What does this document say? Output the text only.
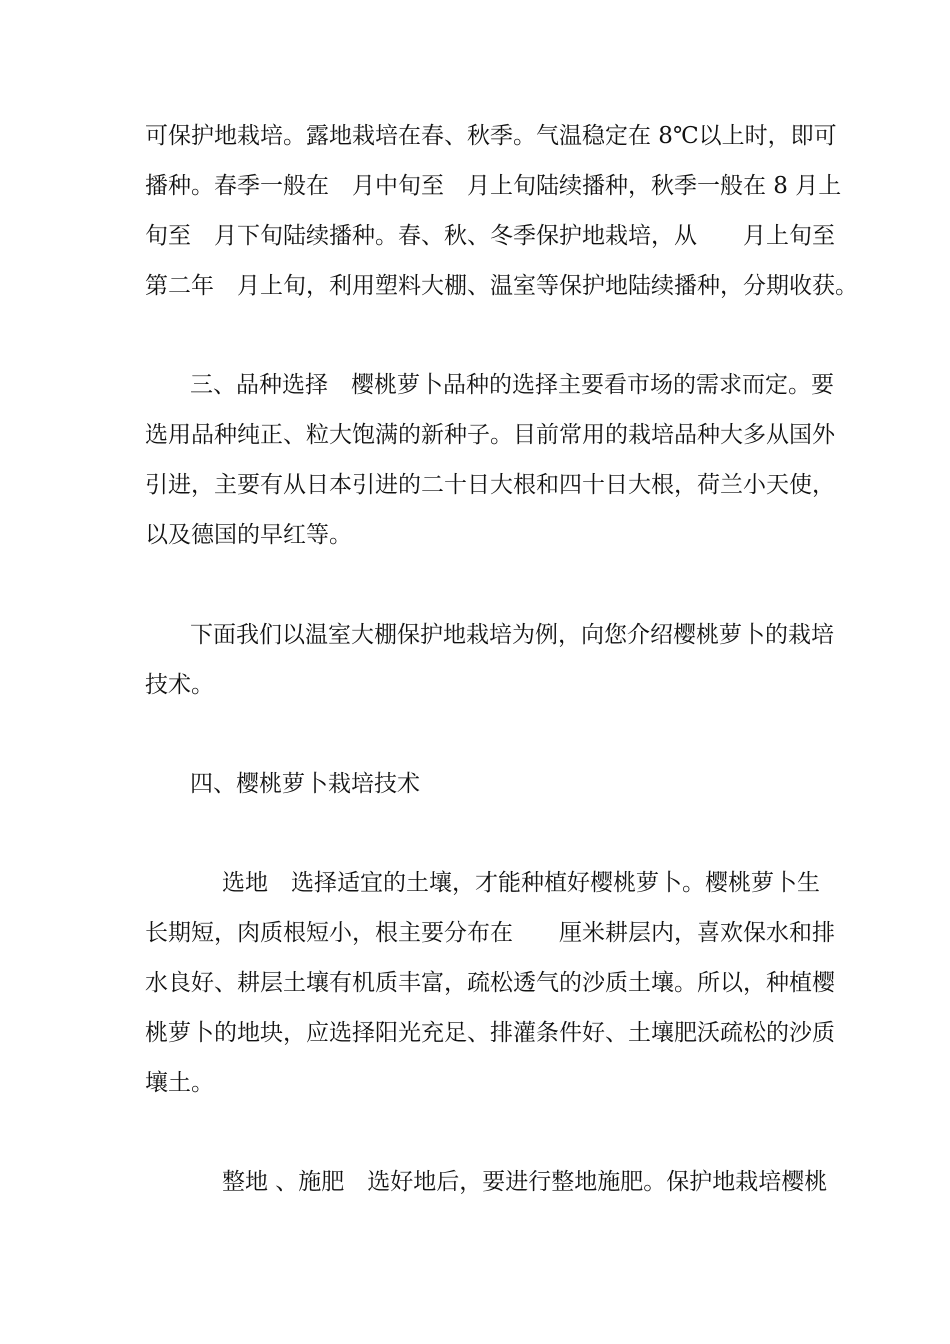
可保护地栽培。露地栽培在春、秋季。气温稳定在 8℃以上时，即可
播种。春季一般在　月中旬至　月上旬陆续播种，秋季一般在 8 月上
旬至　月下旬陆续播种。春、秋、冬季保护地栽培，从　　月上旬至
第二年　月上旬，利用塑料大棚、温室等保护地陆续播种，分期收获。
三、品种选择　樱桃萝卜品种的选择主要看市场的需求而定。要
选用品种纯正、粒大饱满的新种子。目前常用的栽培品种大多从国外
引进，主要有从日本引进的二十日大根和四十日大根，荷兰小天使，
以及德国的早红等。
下面我们以温室大棚保护地栽培为例，向您介绍樱桃萝卜的栽培
技术。
四、樱桃萝卜栽培技术
选地　选择适宜的土壤，才能种植好樱桃萝卜。樱桃萝卜生
长期短，肉质根短小，根主要分布在　　厘米耕层内，喜欢保水和排
水良好、耕层土壤有机质丰富，疏松透气的沙质土壤。所以，种植樱
桃萝卜的地块，应选择阳光充足、排灌条件好、土壤肥沃疏松的沙质
壤土。
整地 、施肥　选好地后，要进行整地施肥。保护地栽培樱桃
